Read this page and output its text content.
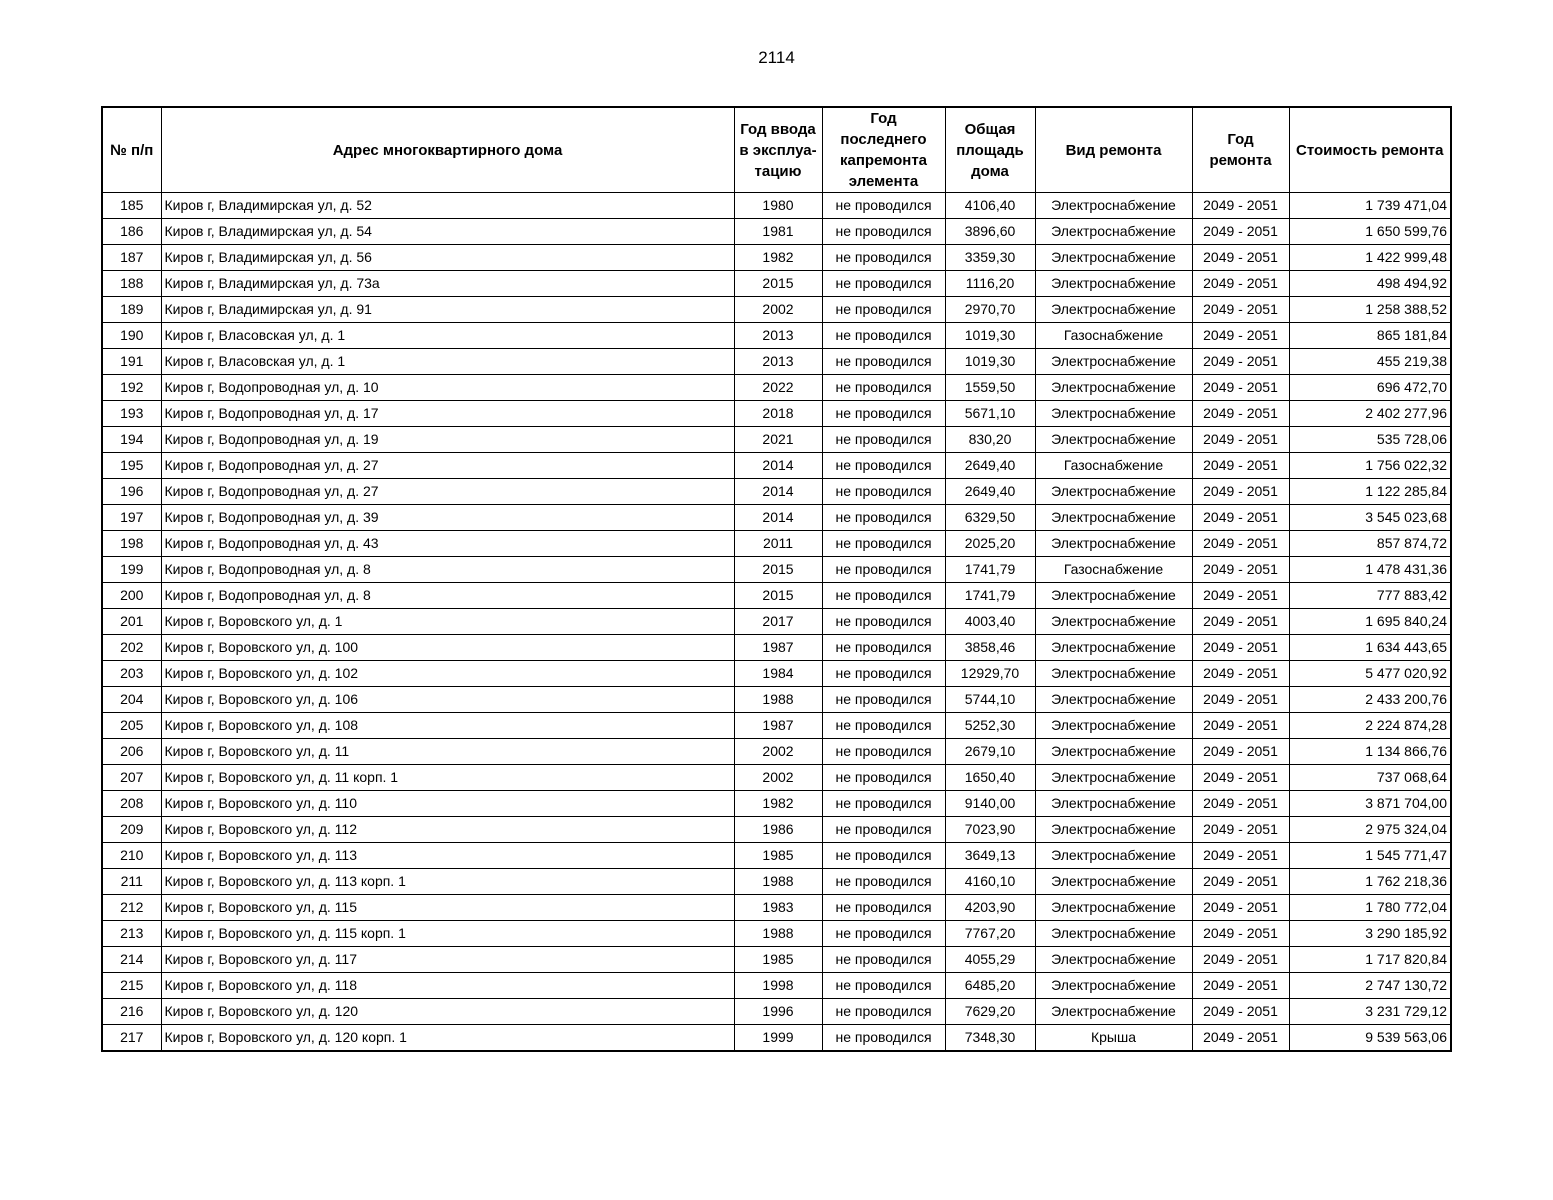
2114
№ п/п	Адрес многоквартирного дома	Год ввода в эксплуа-тацию	Год последнего капремонта элемента	Общая площадь дома	Вид ремонта	Год ремонта	Стоимость ремонта
185	Киров г, Владимирская ул, д. 52	1980	не проводился	4106,40	Электроснабжение	2049 - 2051	1 739 471,04
186	Киров г, Владимирская ул, д. 54	1981	не проводился	3896,60	Электроснабжение	2049 - 2051	1 650 599,76
187	Киров г, Владимирская ул, д. 56	1982	не проводился	3359,30	Электроснабжение	2049 - 2051	1 422 999,48
188	Киров г, Владимирская ул, д. 73а	2015	не проводился	1116,20	Электроснабжение	2049 - 2051	498 494,92
189	Киров г, Владимирская ул, д. 91	2002	не проводился	2970,70	Электроснабжение	2049 - 2051	1 258 388,52
190	Киров г, Власовская ул, д. 1	2013	не проводился	1019,30	Газоснабжение	2049 - 2051	865 181,84
191	Киров г, Власовская ул, д. 1	2013	не проводился	1019,30	Электроснабжение	2049 - 2051	455 219,38
192	Киров г, Водопроводная ул, д. 10	2022	не проводился	1559,50	Электроснабжение	2049 - 2051	696 472,70
193	Киров г, Водопроводная ул, д. 17	2018	не проводился	5671,10	Электроснабжение	2049 - 2051	2 402 277,96
194	Киров г, Водопроводная ул, д. 19	2021	не проводился	830,20	Электроснабжение	2049 - 2051	535 728,06
195	Киров г, Водопроводная ул, д. 27	2014	не проводился	2649,40	Газоснабжение	2049 - 2051	1 756 022,32
196	Киров г, Водопроводная ул, д. 27	2014	не проводился	2649,40	Электроснабжение	2049 - 2051	1 122 285,84
197	Киров г, Водопроводная ул, д. 39	2014	не проводился	6329,50	Электроснабжение	2049 - 2051	3 545 023,68
198	Киров г, Водопроводная ул, д. 43	2011	не проводился	2025,20	Электроснабжение	2049 - 2051	857 874,72
199	Киров г, Водопроводная ул, д. 8	2015	не проводился	1741,79	Газоснабжение	2049 - 2051	1 478 431,36
200	Киров г, Водопроводная ул, д. 8	2015	не проводился	1741,79	Электроснабжение	2049 - 2051	777 883,42
201	Киров г, Воровского ул, д. 1	2017	не проводился	4003,40	Электроснабжение	2049 - 2051	1 695 840,24
202	Киров г, Воровского ул, д. 100	1987	не проводился	3858,46	Электроснабжение	2049 - 2051	1 634 443,65
203	Киров г, Воровского ул, д. 102	1984	не проводился	12929,70	Электроснабжение	2049 - 2051	5 477 020,92
204	Киров г, Воровского ул, д. 106	1988	не проводился	5744,10	Электроснабжение	2049 - 2051	2 433 200,76
205	Киров г, Воровского ул, д. 108	1987	не проводился	5252,30	Электроснабжение	2049 - 2051	2 224 874,28
206	Киров г, Воровского ул, д. 11	2002	не проводился	2679,10	Электроснабжение	2049 - 2051	1 134 866,76
207	Киров г, Воровского ул, д. 11 корп. 1	2002	не проводился	1650,40	Электроснабжение	2049 - 2051	737 068,64
208	Киров г, Воровского ул, д. 110	1982	не проводился	9140,00	Электроснабжение	2049 - 2051	3 871 704,00
209	Киров г, Воровского ул, д. 112	1986	не проводился	7023,90	Электроснабжение	2049 - 2051	2 975 324,04
210	Киров г, Воровского ул, д. 113	1985	не проводился	3649,13	Электроснабжение	2049 - 2051	1 545 771,47
211	Киров г, Воровского ул, д. 113 корп. 1	1988	не проводился	4160,10	Электроснабжение	2049 - 2051	1 762 218,36
212	Киров г, Воровского ул, д. 115	1983	не проводился	4203,90	Электроснабжение	2049 - 2051	1 780 772,04
213	Киров г, Воровского ул, д. 115 корп. 1	1988	не проводился	7767,20	Электроснабжение	2049 - 2051	3 290 185,92
214	Киров г, Воровского ул, д. 117	1985	не проводился	4055,29	Электроснабжение	2049 - 2051	1 717 820,84
215	Киров г, Воровского ул, д. 118	1998	не проводился	6485,20	Электроснабжение	2049 - 2051	2 747 130,72
216	Киров г, Воровского ул, д. 120	1996	не проводился	7629,20	Электроснабжение	2049 - 2051	3 231 729,12
217	Киров г, Воровского ул, д. 120 корп. 1	1999	не проводился	7348,30	Крыша	2049 - 2051	9 539 563,06
